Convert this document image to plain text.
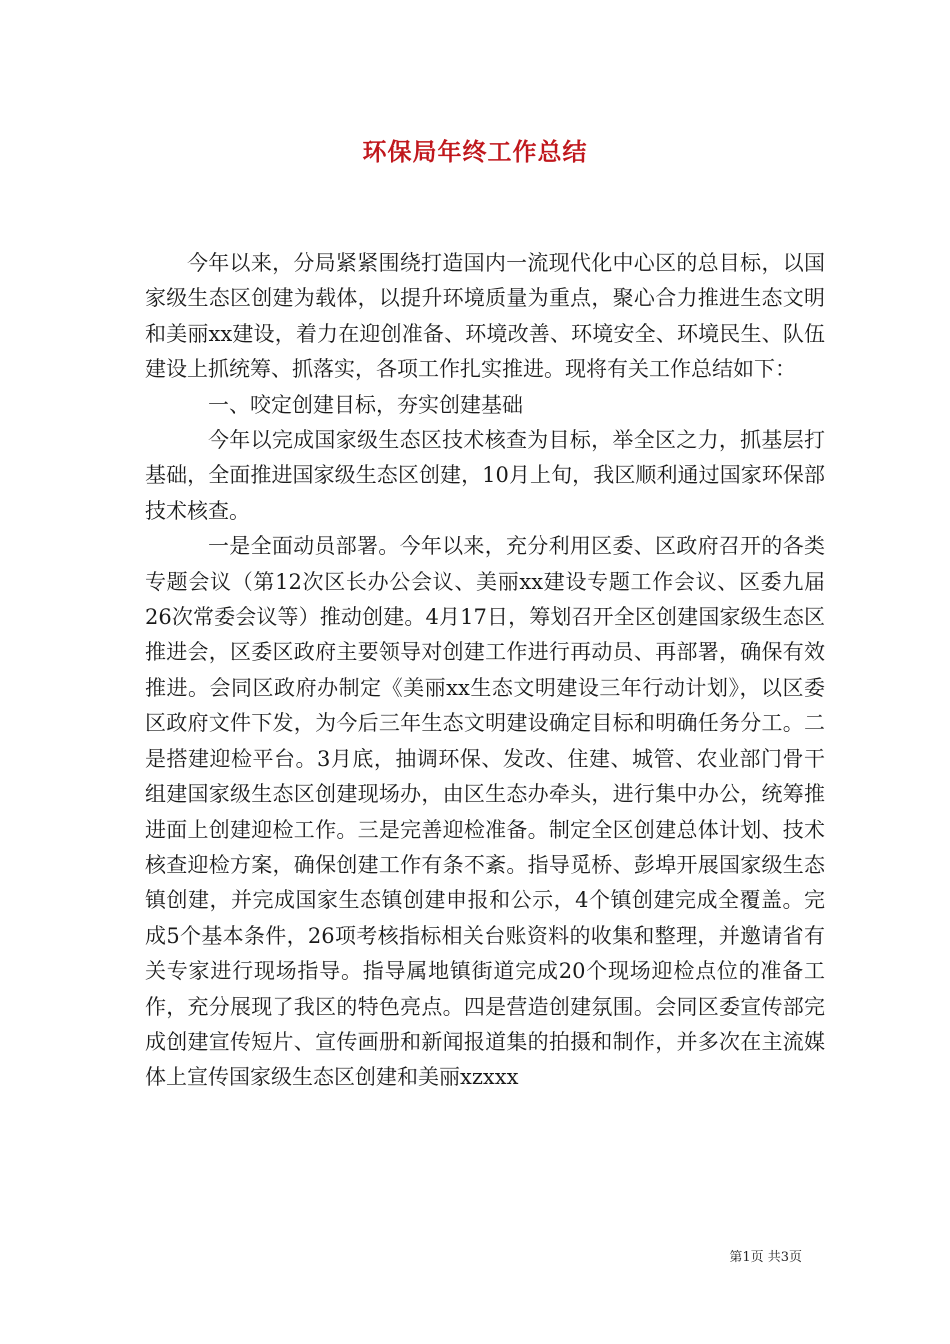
环保局年终工作总结

今年以来，分局紧紧围绕打造国内一流现代化中心区的总目标，以国家级生态区创建为载体，以提升环境质量为重点，聚心合力推进生态文明和美丽xx建设，着力在迎创准备、环境改善、环境安全、环境民生、队伍建设上抓统筹、抓落实，各项工作扎实推进。现将有关工作总结如下：

一、咬定创建目标，夯实创建基础

今年以完成国家级生态区技术核查为目标，举全区之力，抓基层打基础，全面推进国家级生态区创建，10月上旬，我区顺利通过国家环保部技术核查。

一是全面动员部署。今年以来，充分利用区委、区政府召开的各类专题会议（第12次区长办公会议、美丽xx建设专题工作会议、区委九届26次常委会议等）推动创建。4月17日，筹划召开全区创建国家级生态区推进会，区委区政府主要领导对创建工作进行再动员、再部署，确保有效推进。会同区政府办制定《美丽xx生态文明建设三年行动计划》，以区委区政府文件下发，为今后三年生态文明建设确定目标和明确任务分工。二是搭建迎检平台。3月底，抽调环保、发改、住建、城管、农业部门骨干组建国家级生态区创建现场办，由区生态办牵头，进行集中办公，统筹推进面上创建迎检工作。三是完善迎检准备。制定全区创建总体计划、技术核查迎检方案，确保创建工作有条不紊。指导觅桥、彭埠开展国家级生态镇创建，并完成国家生态镇创建申报和公示，4个镇创建完成全覆盖。完成5个基本条件，26项考核指标相关台账资料的收集和整理，并邀请省有关专家进行现场指导。指导属地镇街道完成20个现场迎检点位的准备工作，充分展现了我区的特色亮点。四是营造创建氛围。会同区委宣传部完成创建宣传短片、宣传画册和新闻报道集的拍摄和制作，并多次在主流媒体上宣传国家级生态区创建和美丽xzxxx

第1页 共3页
